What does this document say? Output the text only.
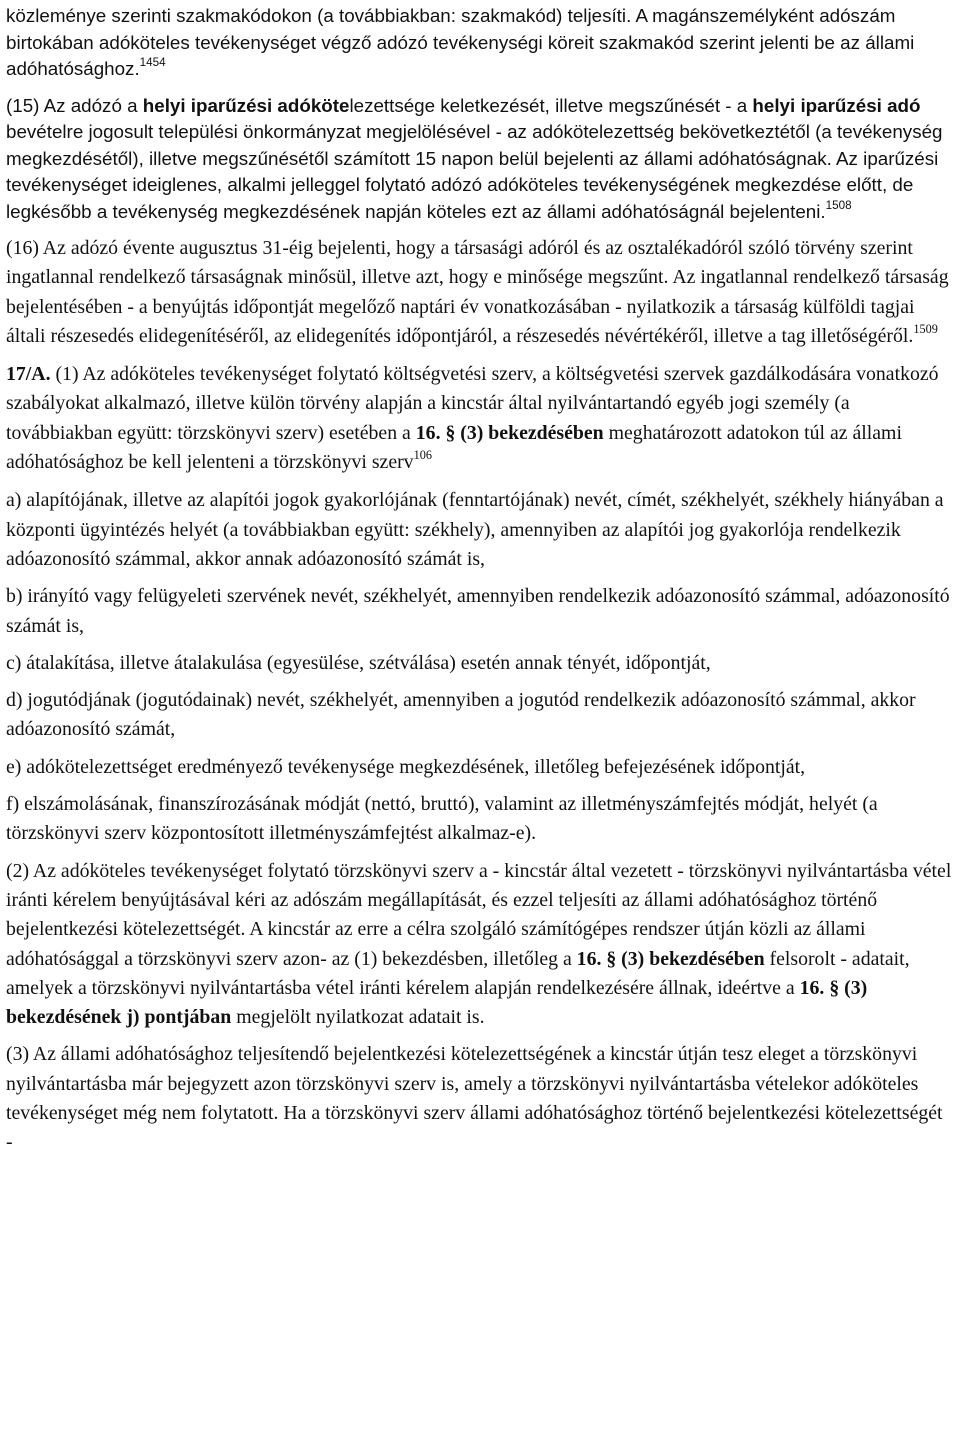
közleménye szerinti szakmakódokon (a továbbiakban: szakmakód) teljesíti. A magánszemélyként adószám birtokában adóköteles tevékenységet végző adózó tevékenységi köreit szakmakód szerint jelenti be az állami adóhatósághoz.$^{1454}$

(15) Az adózó a helyi iparűzési adókötelezettsége keletkezését, illetve megszűnését - a helyi iparűzési adó bevételre jogosult települési önkormányzat megjelölésével - az adókötelezettség bekövetkeztétől (a tevékenység megkezdésétől), illetve megszűnésétől számított 15 napon belül bejelenti az állami adóhatóságnak. Az iparűzési tevékenységet ideiglenes, alkalmi jelleggel folytató adózó adóköteles tevékenységének megkezdése előtt, de legkésőbb a tevékenység megkezdésének napján köteles ezt az állami adóhatóságnál bejelenteni.$^{1508}$

(16) Az adózó évente augusztus 31-éig bejelenti, hogy a társasági adóról és az osztalékadóról szóló törvény szerint ingatlannal rendelkező társaságnak minősül, illetve azt, hogy e minősége megszűnt. Az ingatlannal rendelkező társaság bejelentésében - a benyújtás időpontját megelőző naptári év vonatkozásában - nyilatkozik a társaság külföldi tagjai általi részesedés elidegenítéséről, az elidegenítés időpontjáról, a részesedés névértékéről, illetve a tag illetőségéről.$^{1509}$

17/A. (1) Az adóköteles tevékenységet folytató költségvetési szerv, a költségvetési szervek gazdálkodására vonatkozó szabályokat alkalmazó, illetve külön törvény alapján a kincstár által nyilvántartandó egyéb jogi személy (a továbbiakban együtt: törzskönyvi szerv) esetében a 16. § (3) bekezdésében meghatározott adatokon túl az állami adóhatósághoz be kell jelenteni a törzskönyvi szerv$^{106}$

a) alapítójának, illetve az alapítói jogok gyakorlójának (fenntartójának) nevét, címét, székhelyét, székhely hiányában a központi ügyintézés helyét (a továbbiakban együtt: székhely), amennyiben az alapítói jog gyakorlója rendelkezik adóazonosító számmal, akkor annak adóazonosító számát is,

b) irányító vagy felügyeleti szervének nevét, székhelyét, amennyiben rendelkezik adóazonosító számmal, adóazonosító számát is,

c) átalakítása, illetve átalakulása (egyesülése, szétválása) esetén annak tényét, időpontját,

d) jogutódjának (jogutódainak) nevét, székhelyét, amennyiben a jogutód rendelkezik adóazonosító számmal, akkor adóazonosító számát,

e) adókötelezettséget eredményező tevékenysége megkezdésének, illetőleg befejezésének időpontját,

f) elszámolásának, finanszírozásának módját (nettó, bruttó), valamint az illetményszámfejtés módját, helyét (a törzskönyvi szerv központosított illetményszámfejtést alkalmaz-e).

(2) Az adóköteles tevékenységet folytató törzskönyvi szerv a - kincstár által vezetett - törzskönyvi nyilvántartásba vétel iránti kérelem benyújtásával kéri az adószám megállapítását, és ezzel teljesíti az állami adóhatósághoz történő bejelentkezési kötelezettségét. A kincstár az erre a célra szolgáló számítógépes rendszer útján közli az állami adóhatósággal a törzskönyvi szerv azon- az (1) bekezdésben, illetőleg a 16. § (3) bekezdésében felsorolt - adatait, amelyek a törzskönyvi nyilvántartásba vétel iránti kérelem alapján rendelkezésére állnak, ideértve a 16. § (3) bekezdésének j) pontjában megjelölt nyilatkozat adatait is.

(3) Az állami adóhatósághoz teljesítendő bejelentkezési kötelezettségének a kincstár útján tesz eleget a törzskönyvi nyilvántartásba már bejegyzett azon törzskönyvi szerv is, amely a törzskönyvi nyilvántartásba vételekor adóköteles tevékenységet még nem folytatott. Ha a törzskönyvi szerv állami adóhatósághoz történő bejelentkezési kötelezettségét -
